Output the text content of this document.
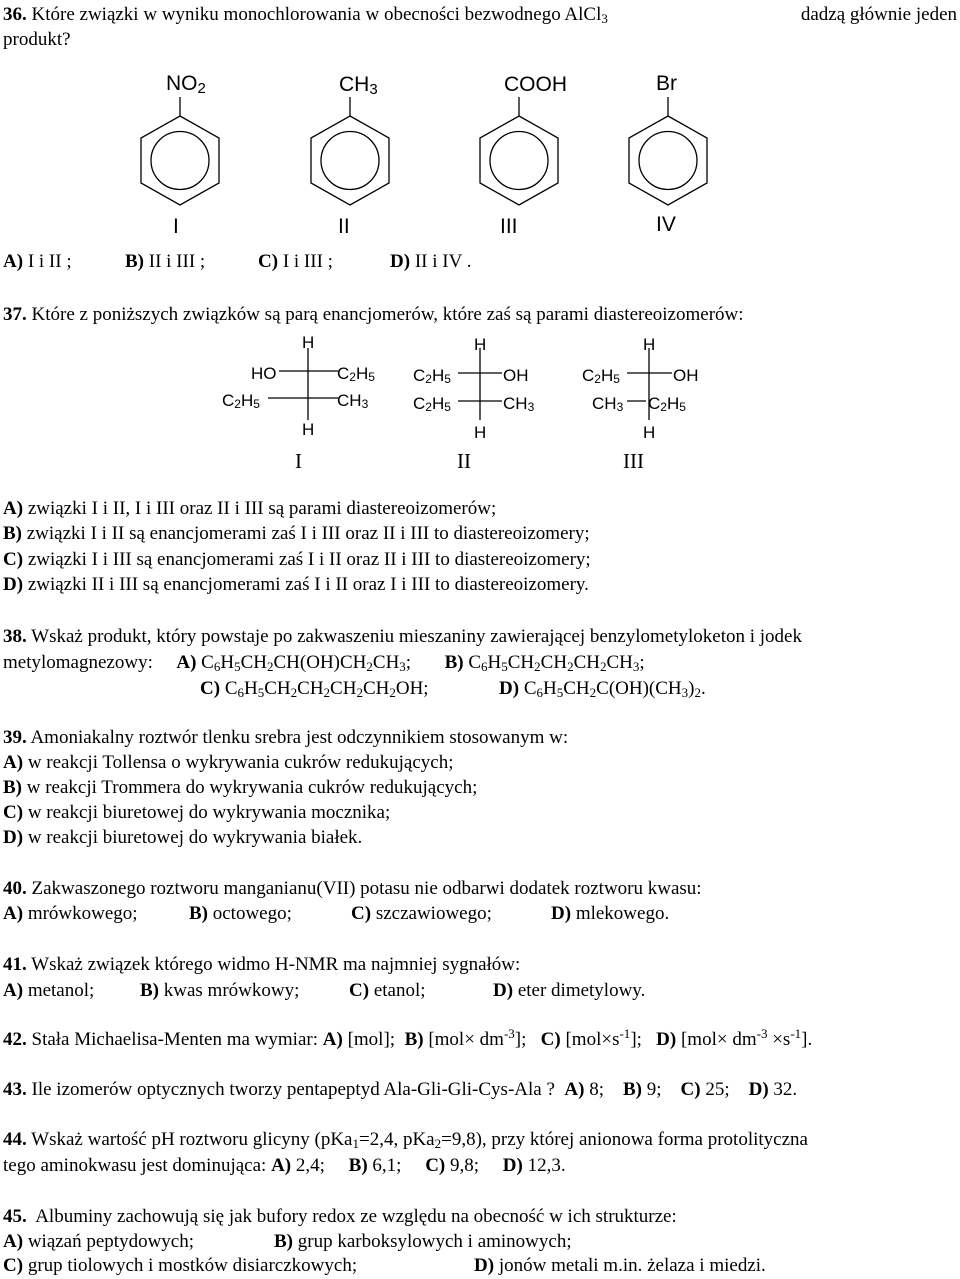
36. Które związki w wyniku monochlorowania w obecności bezwodnego AlCl$_3$	dadzą głównie jeden
produkt?
$NO_2$	$CH_3$	COOH	Br
I	II	III	IV
A) I i II ;	B) II i III ;	C) I i III ;	D) II i IV .
37. Które z poniższych związków są parą enancjomerów, które zaś są parami diastereoizomerów:
H
HO	$C_2H_5$
$C_2H_5$	$CH_3$
H
H
$C_2H_5$	OH
$C_2H_5$	$CH_3$
H
H
$C_2H_5$	OH
$CH_3$ $C_2H_5$
H
I	II	III
A) związki I i II, I i III oraz II i III są parami diastereoizomerów;
B) związki I i II są enancjomerami zaś I i III oraz II i III to diastereoizomery;
C) związki I i III są enancjomerami zaś I i II oraz II i III to diastereoizomery;
D) związki II i III są enancjomerami zaś I i II oraz I i III to diastereoizomery.
38. Wskaż produkt, który powstaje po zakwaszeniu mieszaniny zawierającej benzylometyloketon i jodek
metylomagnezowy: A) $C_6H_5CH_2CH(OH)CH_2CH_3$; B) $C_6H_5CH_2CH_2CH_2CH_3$;
C) $C_6H_5CH_2CH_2CH_2CH_2OH$;	D) $C_6H_5CH_2C(OH)(CH_3)_2$.
39. Amoniakalny roztwór tlenku srebra jest odczynnikiem stosowanym w:
A) w reakcji Tollensa o wykrywania cukrów redukujących;
B) w reakcji Trommera do wykrywania cukrów redukujących;
C) w reakcji biuretowej do wykrywania mocznika;
D) w reakcji biuretowej do wykrywania białek.
40. Zakwaszonego roztworu manganianu(VII) potasu nie odbarwi dodatek roztworu kwasu:
A) mrówkowego;	B) octowego;	C) szczawiowego;	D) mlekowego.
41. Wskaż związek którego widmo H-NMR ma najmniej sygnałów:
A) metanol; B) kwas mrówkowy;	C) etanol;	D) eter dimetylowy.
42. Stała Michaelisa-Menten ma wymiar: A) [mol]; B) $[mol\times dm^{-3}]$; C) $[mol\times s^{-1}]$; D) $[mol\times dm^{-3} \times s^{-1}]$.
43. Ile izomerów optycznych tworzy pentapeptyd Ala-Gli-Gli-Cys-Ala ? A) 8; B) 9; C) 25; D) 32.
44. Wskaż wartość pH roztworu glicyny (pKa$_1$=2,4, pKa$_2$=9,8), przy której anionowa forma protolityczna
tego aminokwasu jest dominująca: A) 2,4; B) 6,1; C) 9,8; D) 12,3.
45. Albuminy zachowują się jak bufory redox ze względu na obecność w ich strukturze:
A) wiązań peptydowych;	B) grup karboksylowych i aminowych;
C) grup tiolowych i mostków disiarczkowych;	D) jonów metali m.in. żelaza i miedzi.
